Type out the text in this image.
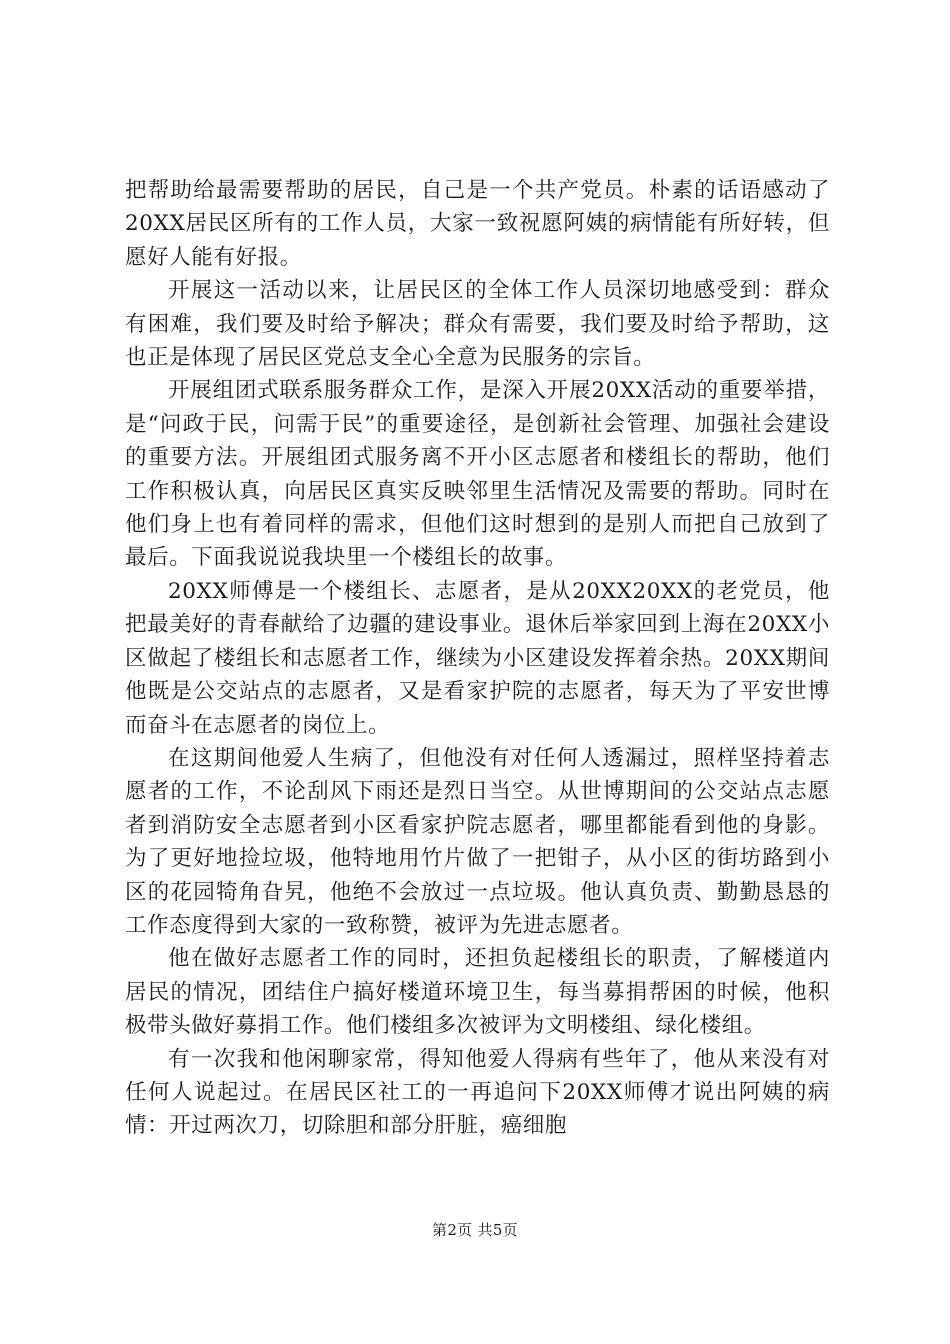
把帮助给最需要帮助的居民，自己是一个共产党员。朴素的话语感动了20XX居民区所有的工作人员，大家一致祝愿阿姨的病情能有所好转，但愿好人能有好报。

开展这一活动以来，让居民区的全体工作人员深切地感受到：群众有困难，我们要及时给予解决；群众有需要，我们要及时给予帮助，这也正是体现了居民区党总支全心全意为民服务的宗旨。

开展组团式联系服务群众工作，是深入开展20XX活动的重要举措，是“问政于民，问需于民”的重要途径，是创新社会管理、加强社会建设的重要方法。开展组团式服务离不开小区志愿者和楼组长的帮助，他们工作积极认真，向居民区真实反映邻里生活情况及需要的帮助。同时在他们身上也有着同样的需求，但他们这时想到的是别人而把自己放到了最后。下面我说说我块里一个楼组长的故事。

20XX师傅是一个楼组长、志愿者，是从20XX20XX的老党员，他把最美好的青春献给了边疆的建设事业。退休后举家回到上海在20XX小区做起了楼组长和志愿者工作，继续为小区建设发挥着余热。20XX期间他既是公交站点的志愿者，又是看家护院的志愿者，每天为了平安世博而奋斗在志愿者的岗位上。

在这期间他爱人生病了，但他没有对任何人透漏过，照样坚持着志愿者的工作，不论刮风下雨还是烈日当空。从世博期间的公交站点志愿者到消防安全志愿者到小区看家护院志愿者，哪里都能看到他的身影。为了更好地捡垃圾，他特地用竹片做了一把钳子，从小区的街坊路到小区的花园犄角旮旯，他绝不会放过一点垃圾。他认真负责、勤勤恳恳的工作态度得到大家的一致称赞，被评为先进志愿者。

他在做好志愿者工作的同时，还担负起楼组长的职责，了解楼道内居民的情况，团结住户搞好楼道环境卫生，每当募捐帮困的时候，他积极带头做好募捐工作。他们楼组多次被评为文明楼组、绿化楼组。

有一次我和他闲聊家常，得知他爱人得病有些年了，他从来没有对任何人说起过。在居民区社工的一再追问下20XX师傅才说出阿姨的病情：开过两次刀，切除胆和部分肝脏，癌细胞

第2页 共5页
